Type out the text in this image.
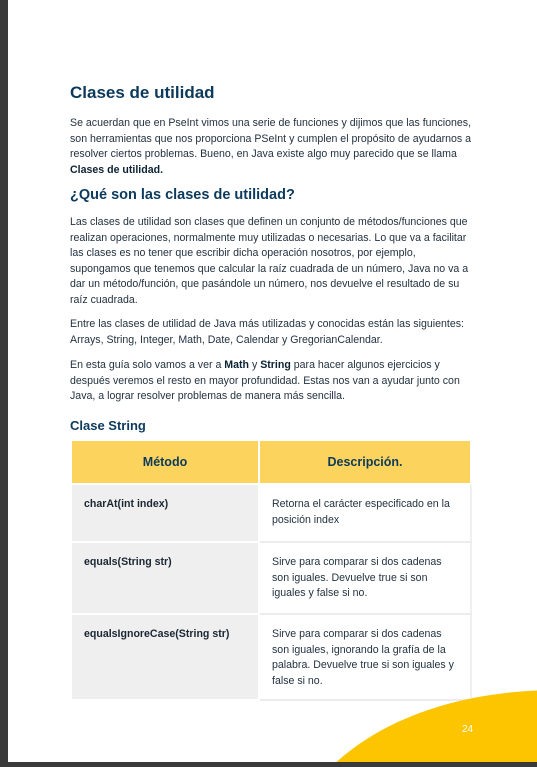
Clases de utilidad

Se acuerdan que en PseInt vimos una serie de funciones y dijimos que las funciones, son herramientas que nos proporciona PSeInt y cumplen el propósito de ayudarnos a resolver ciertos problemas. Bueno, en Java existe algo muy parecido que se llama Clases de utilidad.

¿Qué son las clases de utilidad?

Las clases de utilidad son clases que definen un conjunto de métodos/funciones que realizan operaciones, normalmente muy utilizadas o necesarias. Lo que va a facilitar las clases es no tener que escribir dicha operación nosotros, por ejemplo, supongamos que tenemos que calcular la raíz cuadrada de un número, Java no va a dar un método/función, que pasándole un número, nos devuelve el resultado de su raíz cuadrada.

Entre las clases de utilidad de Java más utilizadas y conocidas están las siguientes: Arrays, String, Integer, Math, Date, Calendar y GregorianCalendar.

En esta guía solo vamos a ver a Math y String para hacer algunos ejercicios y después veremos el resto en mayor profundidad. Estas nos van a ayudar junto con Java, a lograr resolver problemas de manera más sencilla.

Clase String
Método	Descripción.
charAt(int index)	Retorna el carácter especificado en la posición index
equals(String str)	Sirve para comparar si dos cadenas son iguales. Devuelve true si son iguales y false si no.
equalsIgnoreCase(String str)	Sirve para comparar si dos cadenas son iguales, ignorando la grafía de la palabra. Devuelve true si son iguales y false si no.
24
